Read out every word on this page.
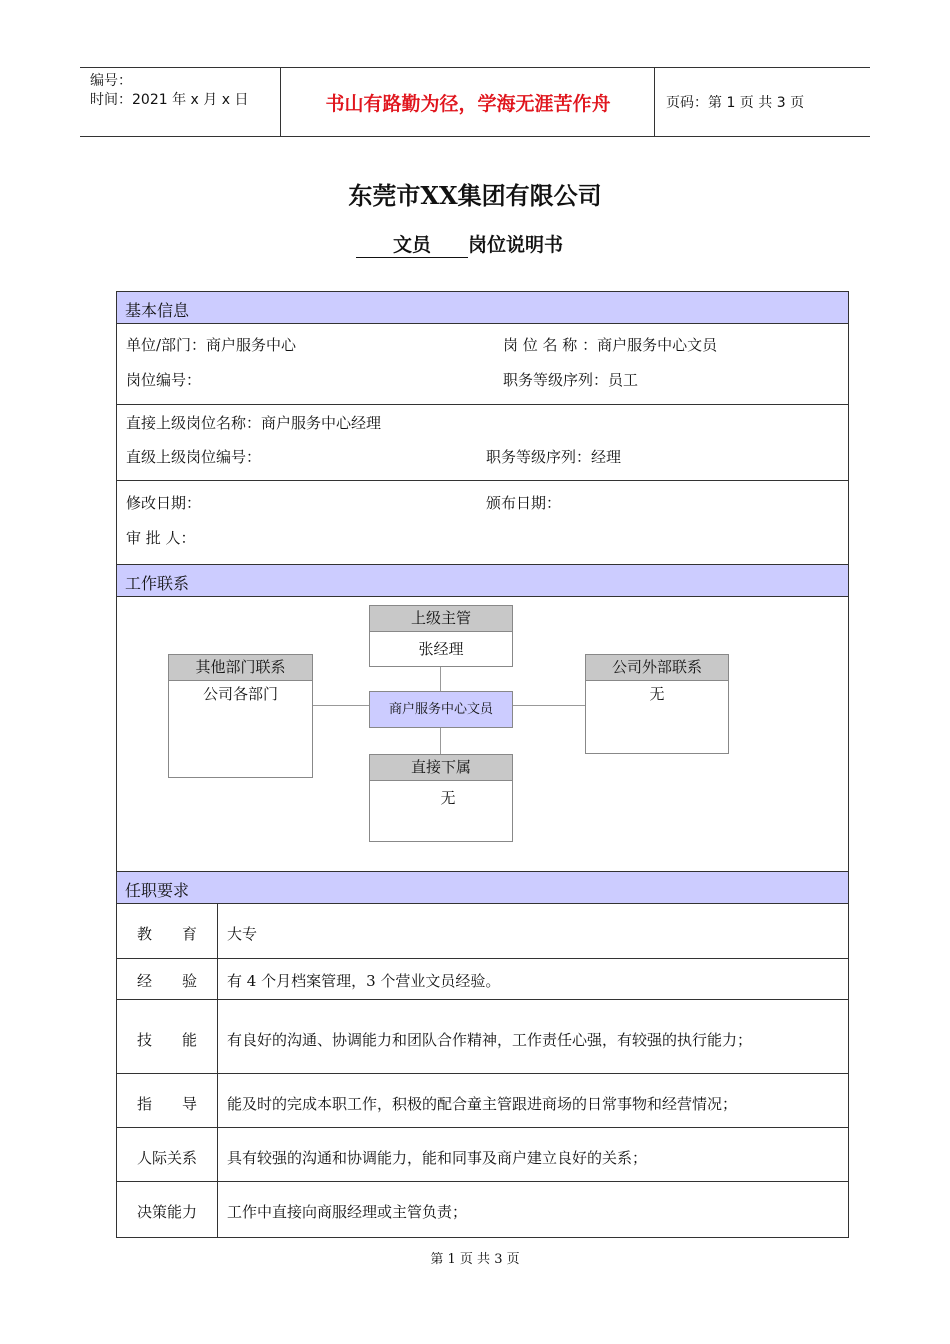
编号：
时间：2021 年 x 月 x 日	书山有路勤为径，学海无涯苦作舟	页码：第 1 页 共 3 页
东莞市XX集团有限公司
文员 岗位说明书
基本信息
单位/部门：商户服务中心	岗 位 名 称 ：商户服务中心文员
岗位编号：	职务等级序列：员工
直接上级岗位名称：商户服务中心经理
直级上级岗位编号：	职务等级序列：经理
修改日期：	颁布日期：
审 批 人：
工作联系
上级主管
张经理
其他部门联系
公司各部门
商户服务中心文员
公司外部联系
无
直接下属
无
任职要求
教　　育	大专
经　　验	有 4 个月档案管理，3 个营业文员经验。
技　　能	有良好的沟通、协调能力和团队合作精神，工作责任心强，有较强的执行能力；
指　　导	能及时的完成本职工作，积极的配合童主管跟进商场的日常事物和经营情况；
人际关系	具有较强的沟通和协调能力，能和同事及商户建立良好的关系；
决策能力	工作中直接向商服经理或主管负责；
第 1 页 共 3 页
